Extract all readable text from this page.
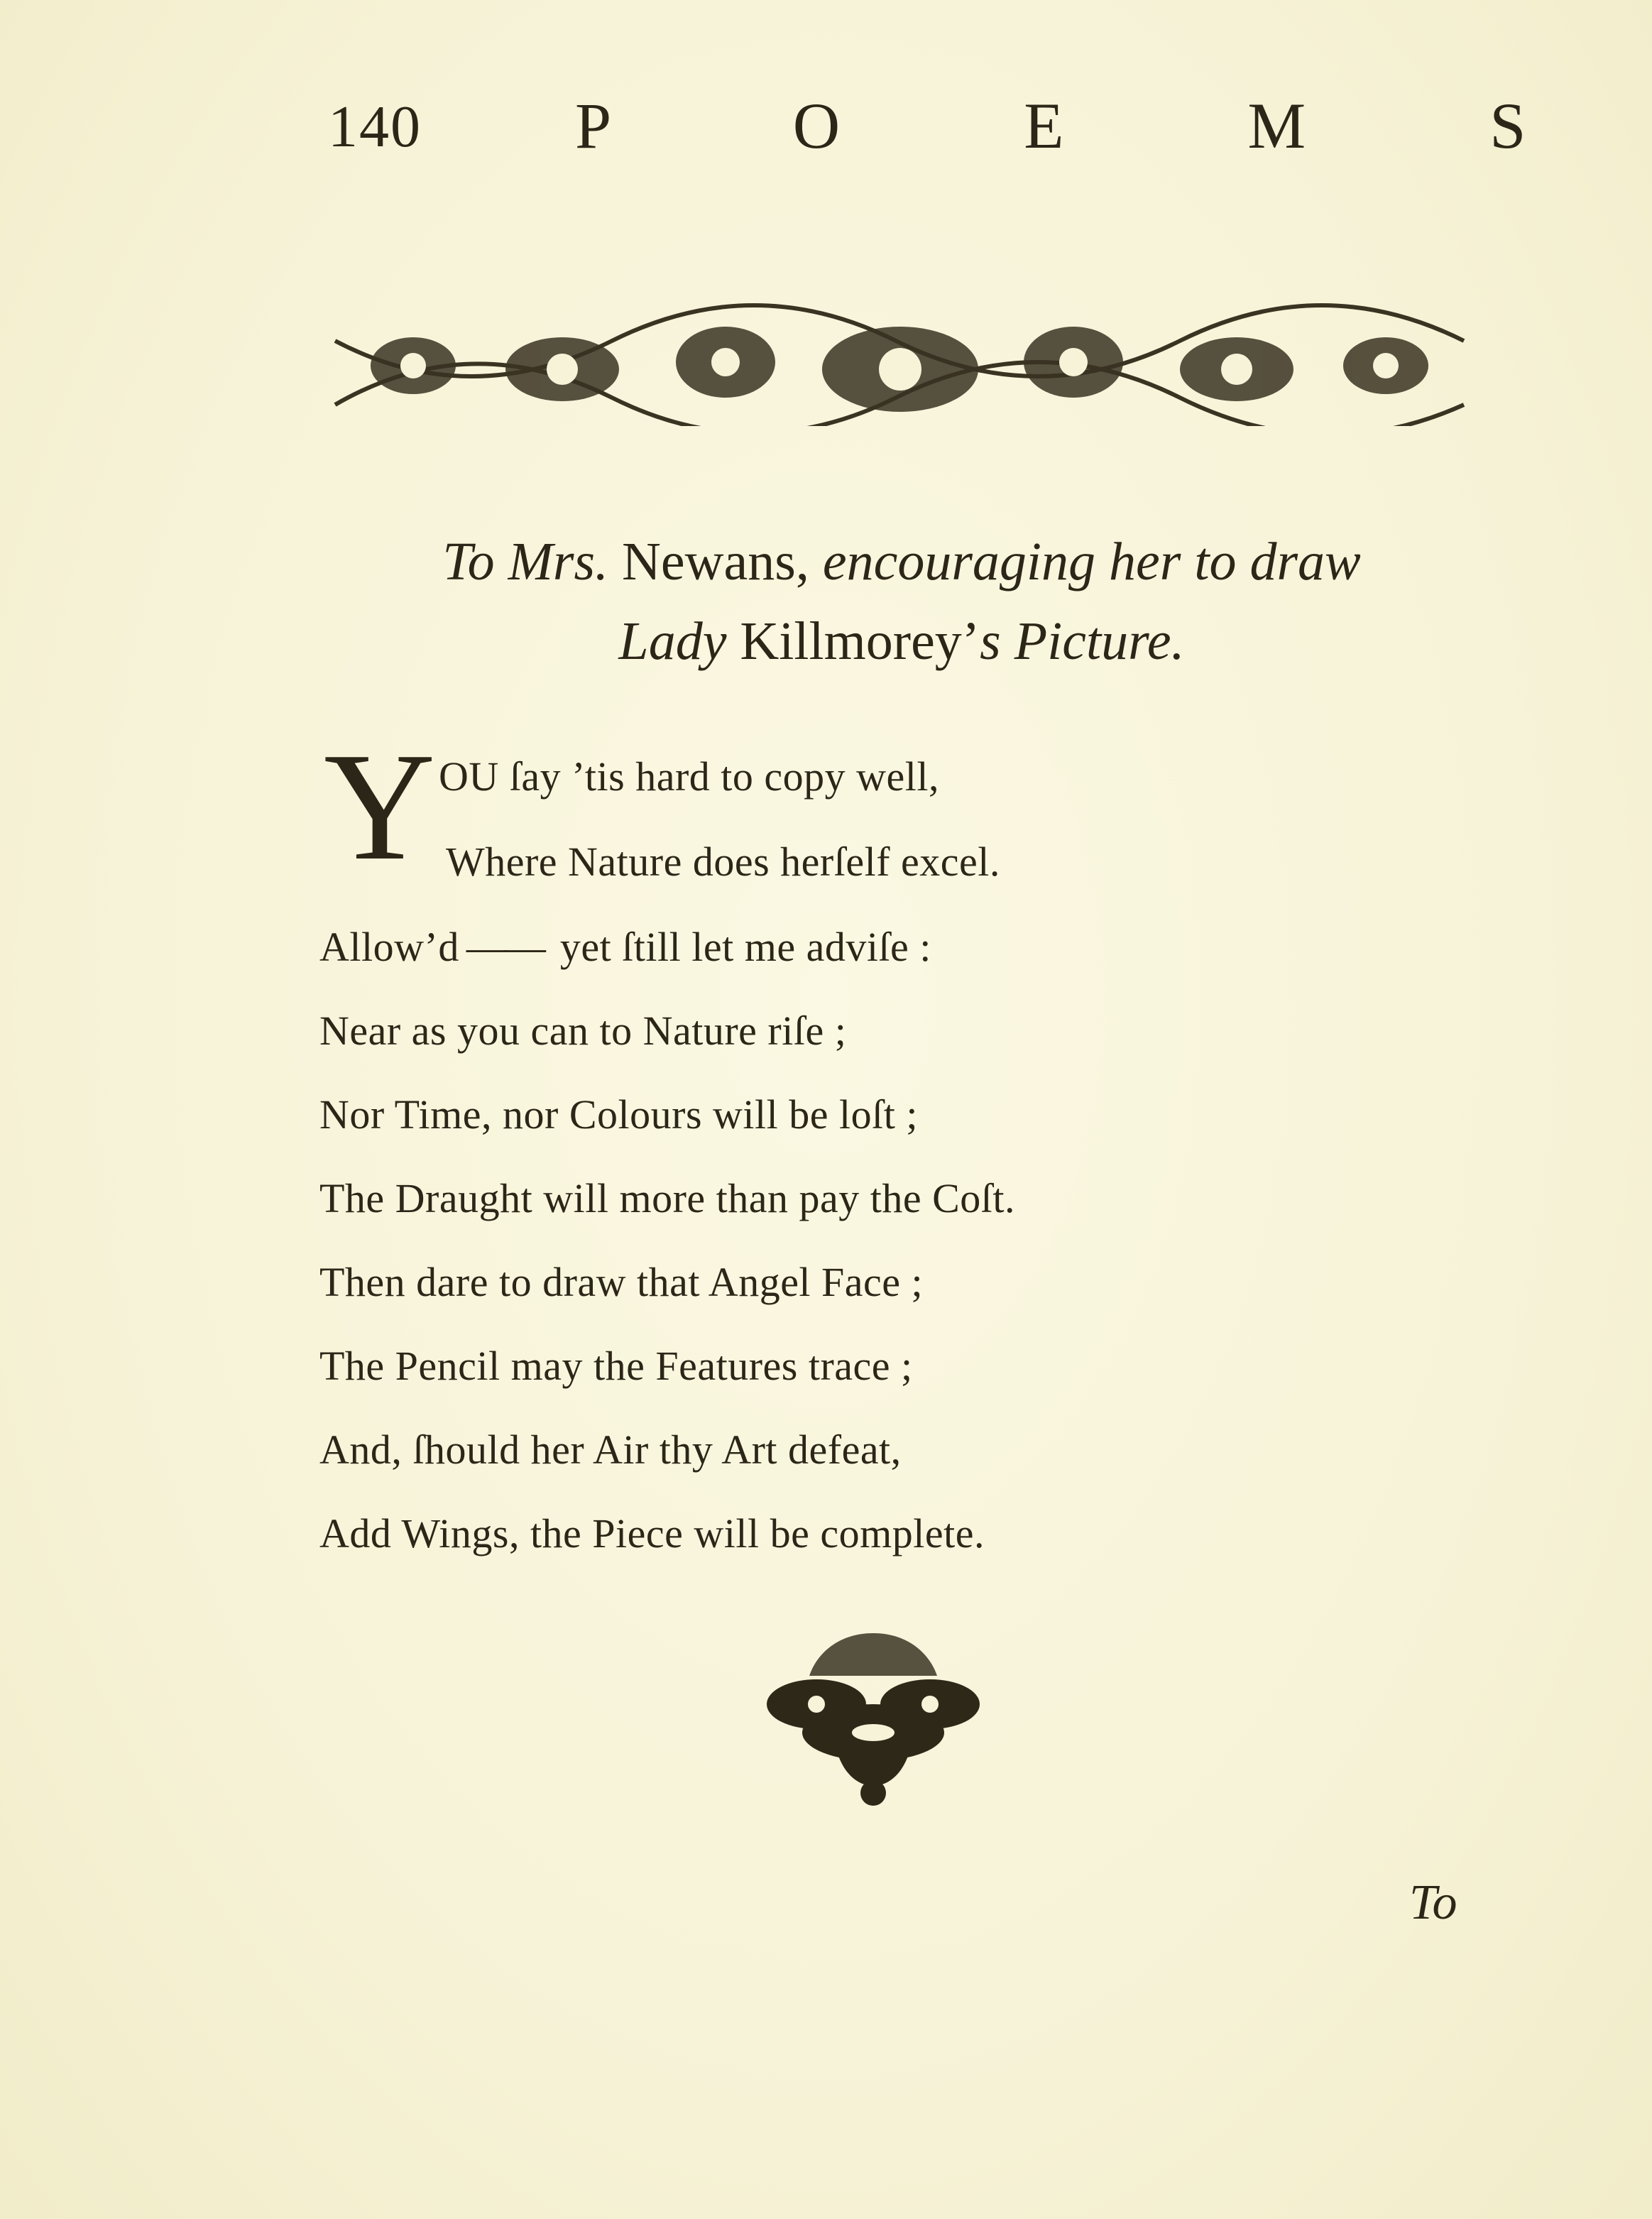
140 P O E M S
To Mrs. Newans, encouraging her to draw
Lady Killmorey’s Picture.
Y OU ſay ’tis hard to copy well,
Where Nature does herſelf excel.
Allow’d —— yet ſtill let me adviſe :
Near as you can to Nature riſe ;
Nor Time, nor Colours will be loſt ;
The Draught will more than pay the Coſt.
Then dare to draw that Angel Face ;
The Pencil may the Features trace ;
And, ſhould her Air thy Art defeat,
Add Wings, the Piece will be complete.
To
